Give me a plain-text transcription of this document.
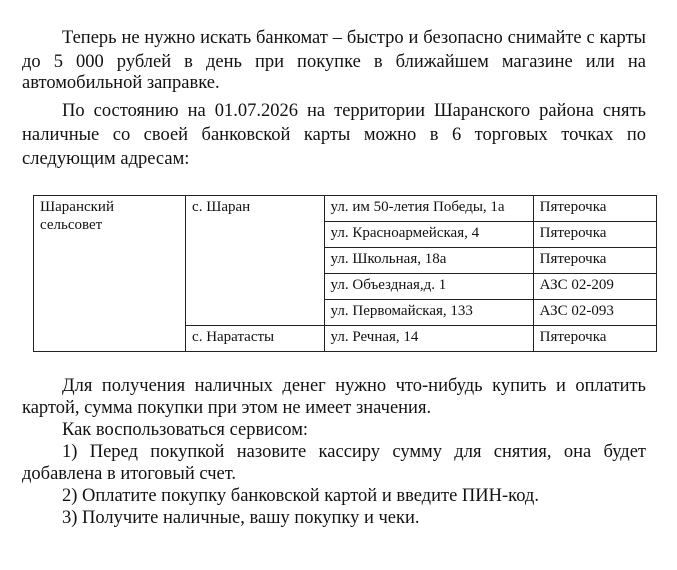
Теперь не нужно искать банкомат – быстро и безопасно снимайте с карты
до 5 000 рублей в день при покупке в ближайшем магазине или на
автомобильной заправке.
По состоянию на 01.07.2026 на территории Шаранского района снять
наличные со своей банковской карты можно в 6 торговых точках по
следующим адресам:
Шаранский сельсовет	с. Шаран	ул. им 50-летия Победы, 1а	Пятерочка
		ул. Красноармейская, 4	Пятерочка
		ул. Школьная, 18а	Пятерочка
		ул. Объездная,д. 1	АЗС 02-209
		ул. Первомайская, 133	АЗС 02-093
	с. Наратасты	ул. Речная, 14	Пятерочка
Для получения наличных денег нужно что-нибудь купить и оплатить
картой, сумма покупки при этом не имеет значения.
Как воспользоваться сервисом:
1) Перед покупкой назовите кассиру сумму для снятия, она будет
добавлена в итоговый счет.
2) Оплатите покупку банковской картой и введите ПИН-код.
3) Получите наличные, вашу покупку и чеки.
